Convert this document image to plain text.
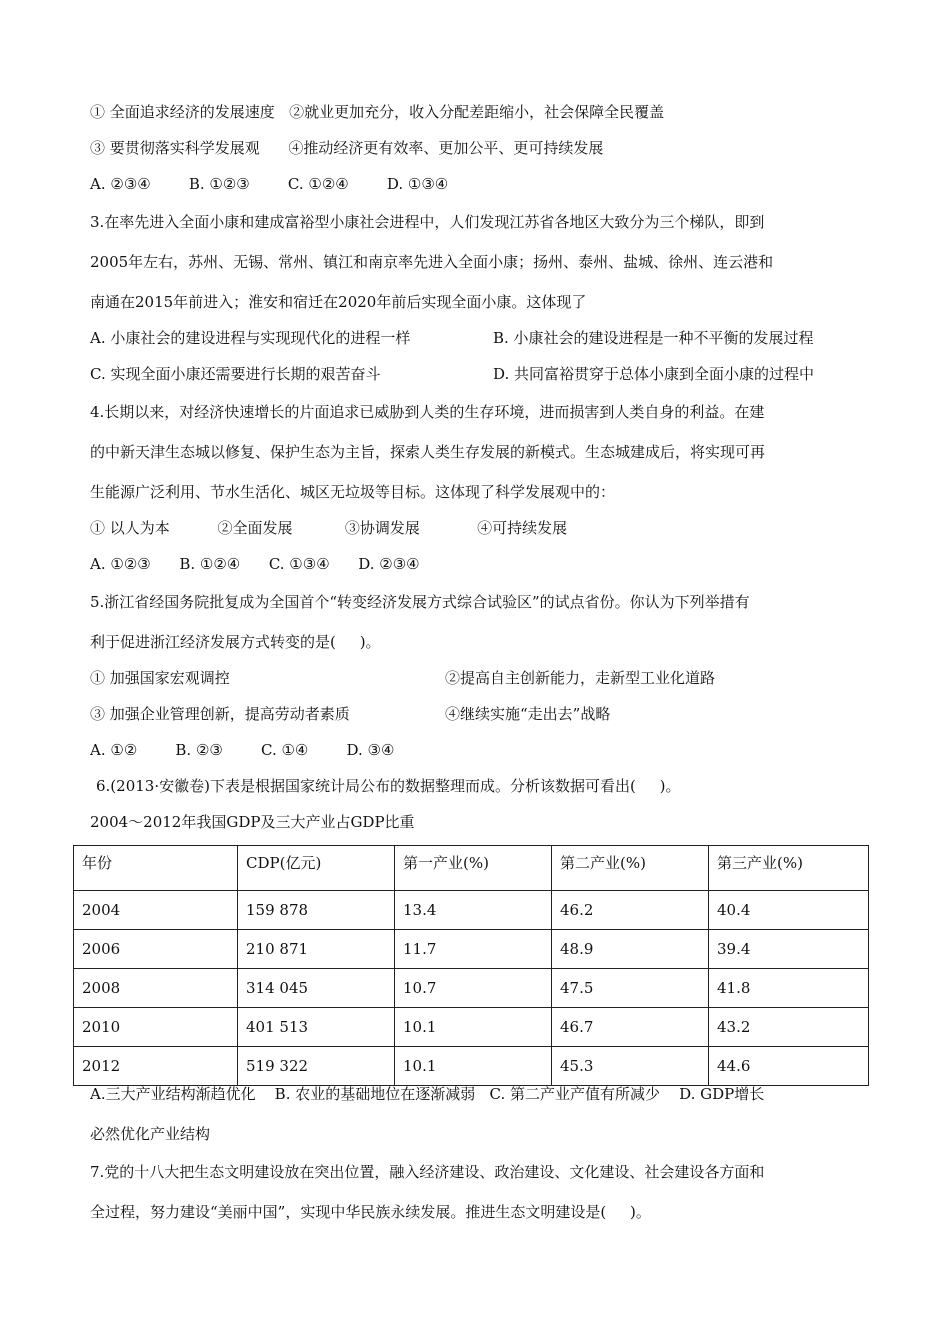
① 全面追求经济的发展速度   ②就业更加充分，收入分配差距缩小，社会保障全民覆盖
③ 要贯彻落实科学发展观      ④推动经济更有效率、更加公平、更可持续发展
A. ②③④        B. ①②③        C. ①②④        D. ①③④
3.在率先进入全面小康和建成富裕型小康社会进程中，人们发现江苏省各地区大致分为三个梯队，即到
2005年左右，苏州、无锡、常州、镇江和南京率先进入全面小康；扬州、泰州、盐城、徐州、连云港和
南通在2015年前进入；淮安和宿迁在2020年前后实现全面小康。这体现了
A. 小康社会的建设进程与实现现代化的进程一样	B. 小康社会的建设进程是一种不平衡的发展过程
C. 实现全面小康还需要进行长期的艰苦奋斗	D. 共同富裕贯穿于总体小康到全面小康的过程中
4.长期以来，对经济快速增长的片面追求已威胁到人类的生存环境，进而损害到人类自身的利益。在建
的中新天津生态城以修复、保护生态为主旨，探索人类生存发展的新模式。生态城建成后，将实现可再
生能源广泛利用、节水生活化、城区无垃圾等目标。这体现了科学发展观中的：
① 以人为本          ②全面发展           ③协调发展            ④可持续发展
A. ①②③      B. ①②④      C. ①③④      D. ②③④
5.浙江省经国务院批复成为全国首个“转变经济发展方式综合试验区”的试点省份。你认为下列举措有
利于促进浙江经济发展方式转变的是(     )。
① 加强国家宏观调控	②提高自主创新能力，走新型工业化道路
③ 加强企业管理创新，提高劳动者素质	④继续实施“走出去”战略
A. ①②        B. ②③        C. ①④        D. ③④
6.(2013·安徽卷)下表是根据国家统计局公布的数据整理而成。分析该数据可看出(     )。
2004～2012年我国GDP及三大产业占GDP比重
年份	CDP(亿元)	第一产业(%)	第二产业(%)	第三产业(%)
2004	159 878	13.4	46.2	40.4
2006	210 871	11.7	48.9	39.4
2008	314 045	10.7	47.5	41.8
2010	401 513	10.1	46.7	43.2
2012	519 322	10.1	45.3	44.6
A.三大产业结构渐趋优化    B. 农业的基础地位在逐渐减弱   C. 第二产业产值有所减少    D. GDP增长
必然优化产业结构
7.党的十八大把生态文明建设放在突出位置，融入经济建设、政治建设、文化建设、社会建设各方面和
全过程，努力建设“美丽中国”，实现中华民族永续发展。推进生态文明建设是(     )。
